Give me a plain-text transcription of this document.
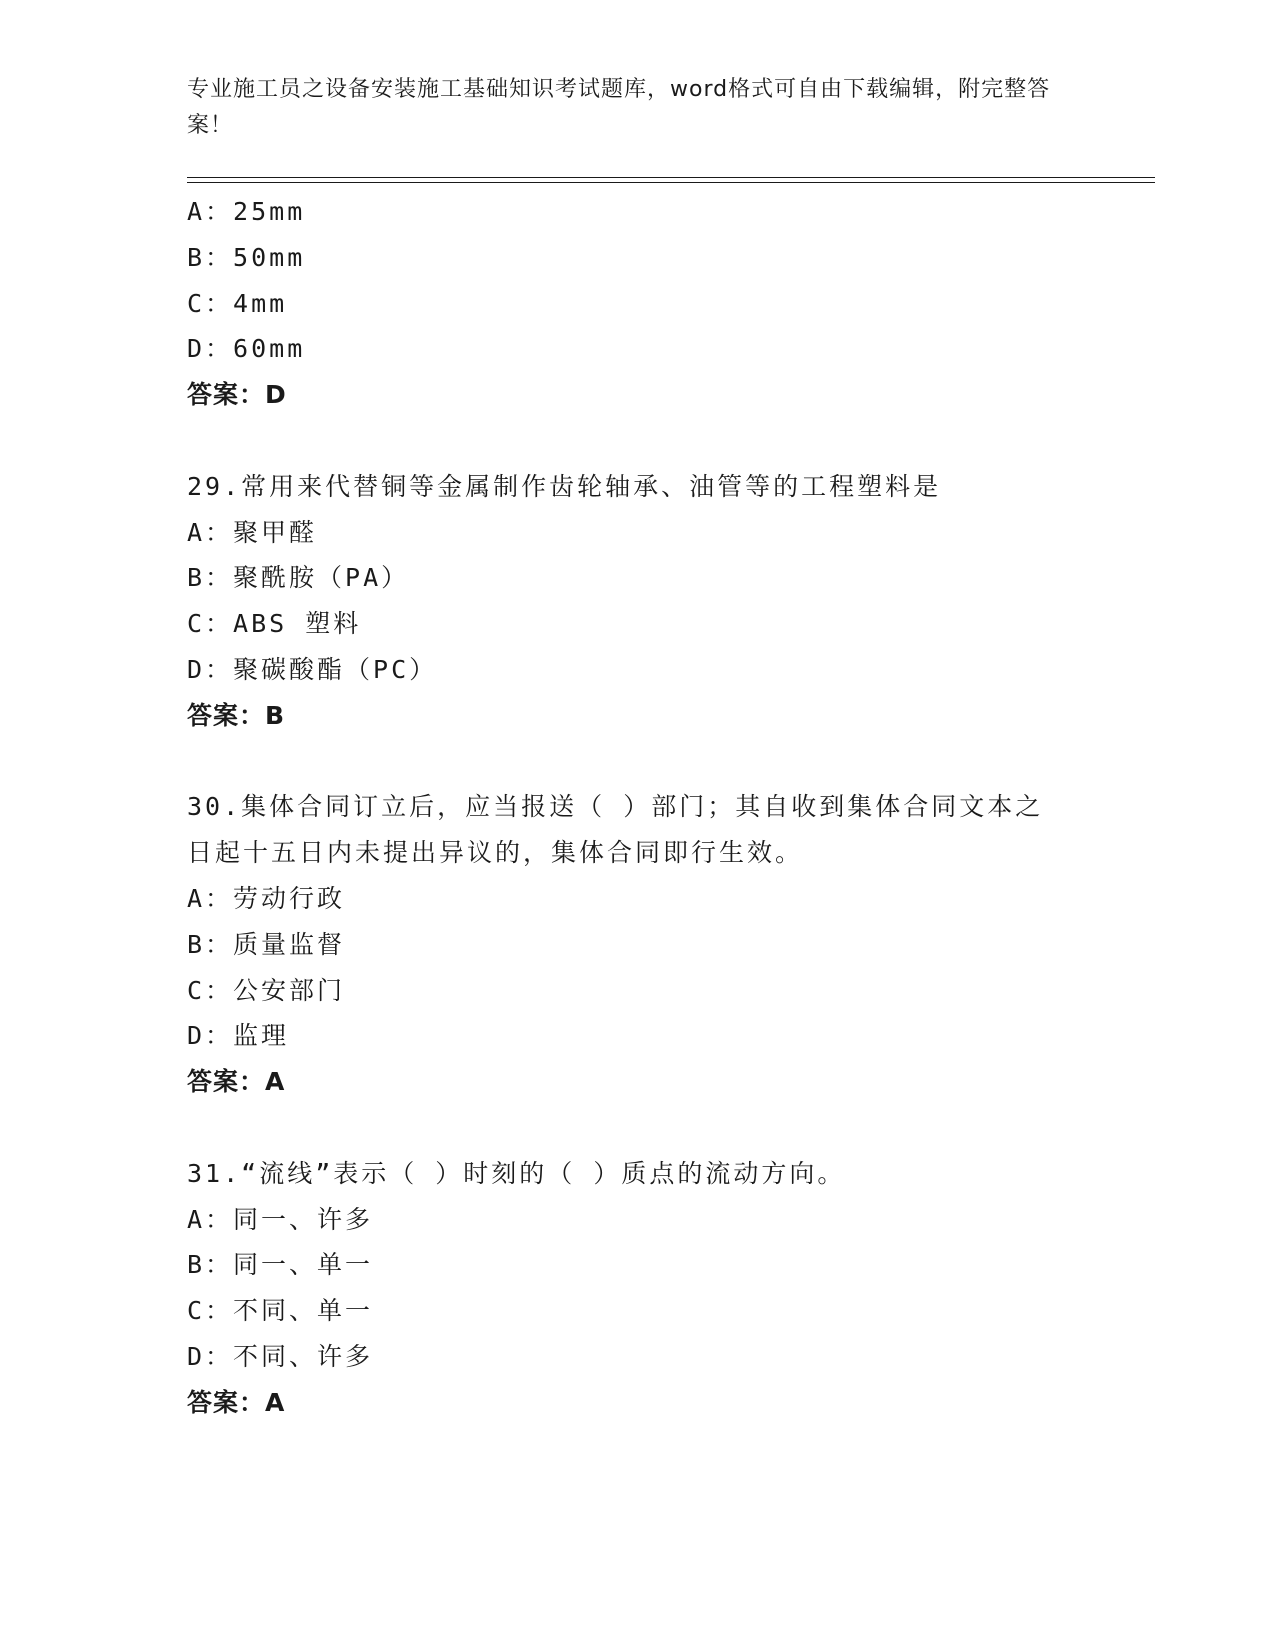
专业施工员之设备安装施工基础知识考试题库，word格式可自由下载编辑，附完整答案！
A：25mm
B：50mm
C：4mm
D：60mm
答案：D
29.常用来代替铜等金属制作齿轮轴承、油管等的工程塑料是
A：聚甲醛
B：聚酰胺（PA）
C：ABS 塑料
D：聚碳酸酯（PC）
答案：B
30.集体合同订立后，应当报送（ ）部门；其自收到集体合同文本之
日起十五日内未提出异议的，集体合同即行生效。
A：劳动行政
B：质量监督
C：公安部门
D：监理
答案：A
31.“流线”表示（ ）时刻的（ ）质点的流动方向。
A：同一、许多
B：同一、单一
C：不同、单一
D：不同、许多
答案：A
